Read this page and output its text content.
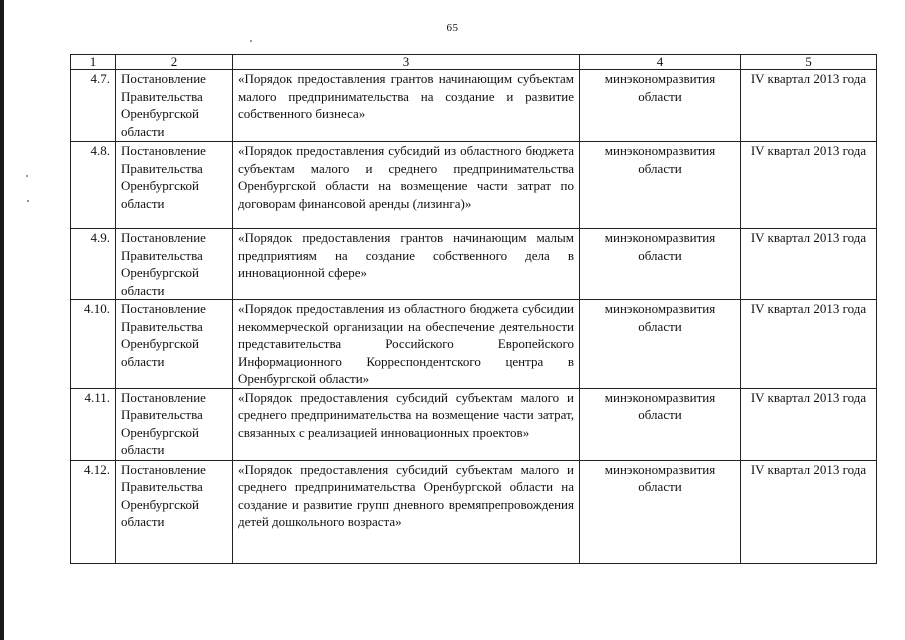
65
1	2	3	4	5
4.7.	Постановление Правительства Оренбургской области	«Порядок предоставления грантов начинающим субъектам малого предпринимательства на создание и развитие собственного бизнеса»	минэкономразвития области	IV квартал 2013 года
4.8.	Постановление Правительства Оренбургской области	«Порядок предоставления субсидий из областного бюджета субъектам малого и среднего предпринимательства Оренбургской области на возмещение части затрат по договорам финансовой аренды (лизинга)»	минэкономразвития области	IV квартал 2013 года
4.9.	Постановление Правительства Оренбургской области	«Порядок предоставления грантов начинающим малым предприятиям на создание собственного дела в инновационной сфере»	минэкономразвития области	IV квартал 2013 года
4.10.	Постановление Правительства Оренбургской области	«Порядок предоставления из областного бюджета субсидии некоммерческой организации на обеспечение деятельности представительства Российского Европейского Информационного Корреспондентского центра в Оренбургской области»	минэкономразвития области	IV квартал 2013 года
4.11.	Постановление Правительства Оренбургской области	«Порядок предоставления субсидий субъектам малого и среднего предпринимательства на возмещение части затрат, связанных с реализацией инновационных проектов»	минэкономразвития области	IV квартал 2013 года
4.12.	Постановление Правительства Оренбургской области	«Порядок предоставления субсидий субъектам малого и среднего предпринимательства Оренбургской области на создание и развитие групп дневного времяпрепровождения детей дошкольного возраста»	минэкономразвития области	IV квартал 2013 года
